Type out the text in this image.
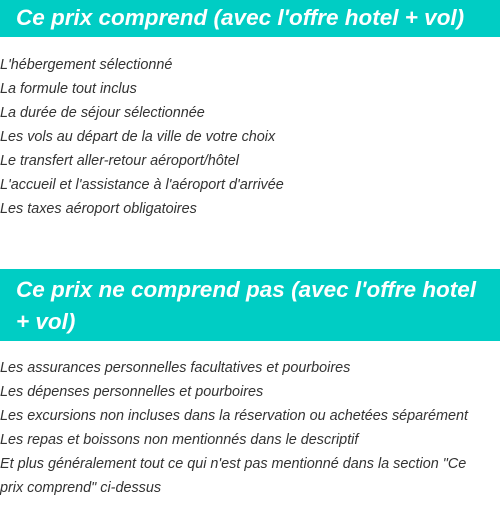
Ce prix comprend (avec l'offre hotel + vol)
L'hébergement sélectionné
La formule tout inclus
La durée de séjour sélectionnée
Les vols au départ de la ville de votre choix
Le transfert aller-retour aéroport/hôtel
L'accueil et l'assistance à l'aéroport d'arrivée
Les taxes aéroport obligatoires
Ce prix ne comprend pas (avec l'offre hotel + vol)
Les assurances personnelles facultatives et pourboires
Les dépenses personnelles et pourboires
Les excursions non incluses dans la réservation ou achetées séparément
Les repas et boissons non mentionnés dans le descriptif
Et plus généralement tout ce qui n'est pas mentionné dans la section "Ce prix comprend" ci-dessus
